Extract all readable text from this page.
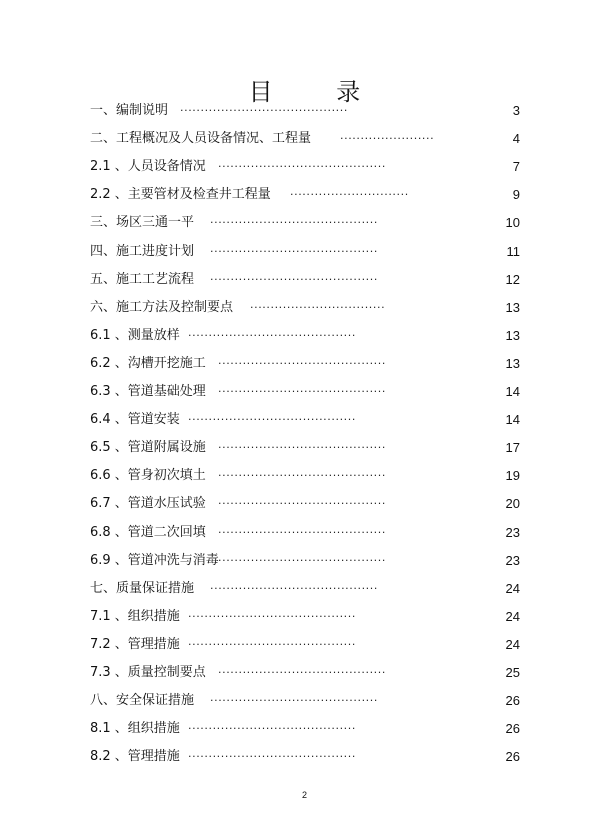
目 录
一、编制说明 .........................................	3
二、工程概况及人员设备情况、工程量	.......................	4
2.1 、人员设备情况 .........................................	7
2.2 、主要管材及检查井工程量 .............................	9
三、场区三通一平 .........................................	10
四、施工进度计划 .........................................	11
五、施工工艺流程 .........................................	12
六、施工方法及控制要点 .................................	13
6.1 、测量放样 .........................................	13
6.2 、沟槽开挖施工 .........................................	13
6.3 、管道基础处理 .........................................	14
6.4 、管道安装 .........................................	14
6.5 、管道附属设施 .........................................	17
6.6 、管身初次填土 .........................................	19
6.7 、管道水压试验 .........................................	20
6.8 、管道二次回填 .........................................	23
6.9 、管道冲洗与消毒 .........................................	23
七、质量保证措施 .........................................	24
7.1 、组织措施 .........................................	24
7.2 、管理措施 .........................................	24
7.3 、质量控制要点 .........................................	25
八、安全保证措施 .........................................	26
8.1 、组织措施 .........................................	26
8.2 、管理措施 .........................................	26
2
